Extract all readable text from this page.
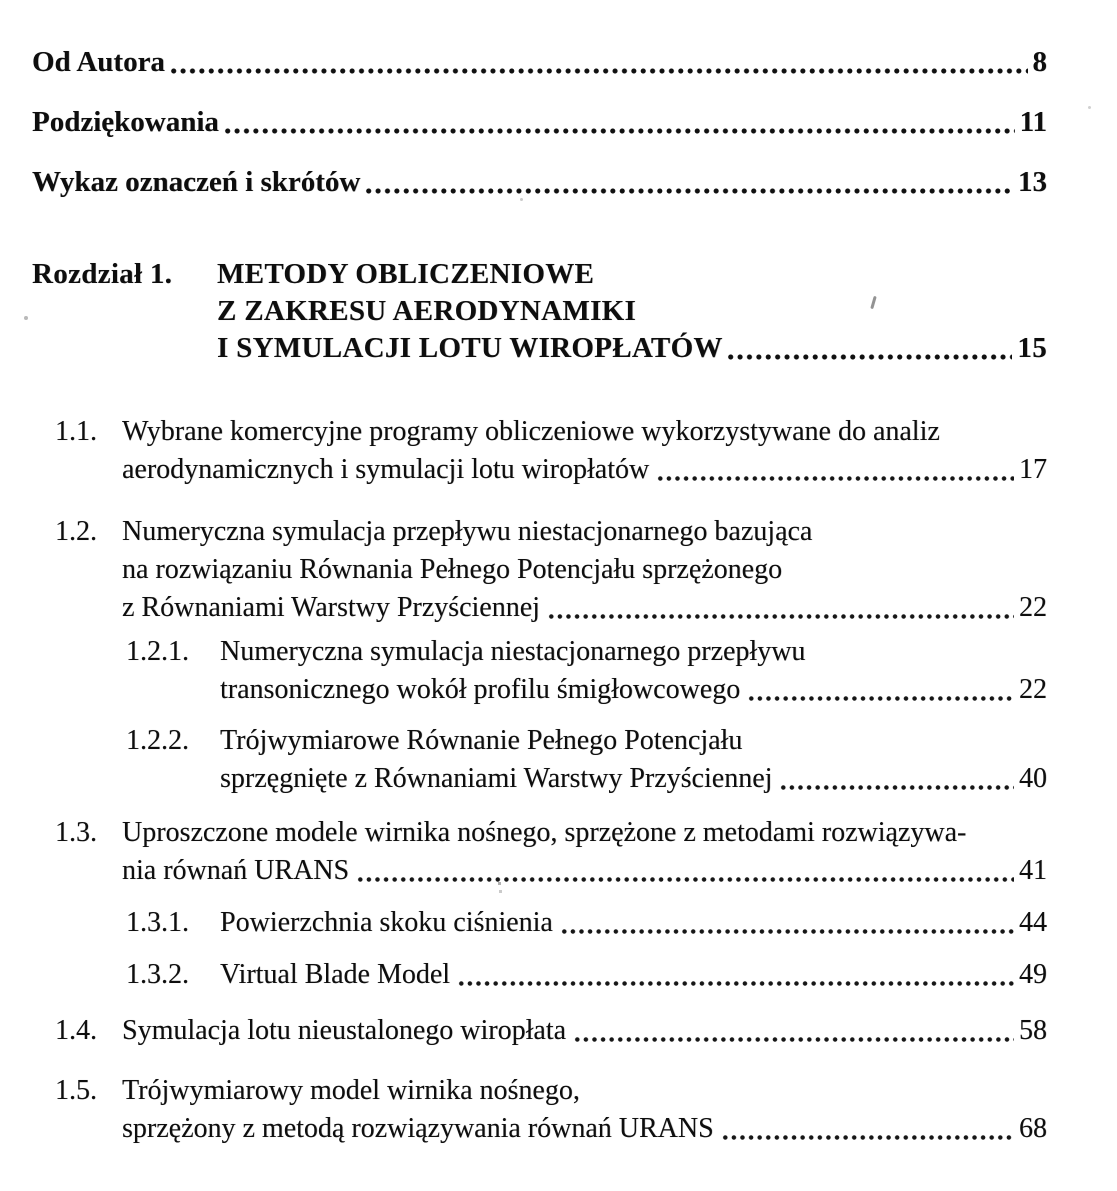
Od Autora	8
Podziękowania	11
Wykaz oznaczeń i skrótów	13
Rozdział 1.	METODY OBLICZENIOWE
Z ZAKRESU AERODYNAMIKI
I SYMULACJI LOTU WIROPŁATÓW	15
1.1. Wybrane komercyjne programy obliczeniowe wykorzystywane do analiz
aerodynamicznych i symulacji lotu wiropłatów	17
1.2. Numeryczna symulacja przepływu niestacjonarnego bazująca
na rozwiązaniu Równania Pełnego Potencjału sprzężonego
z Równaniami Warstwy Przyściennej	22
1.2.1.	Numeryczna symulacja niestacjonarnego przepływu
transonicznego wokół profilu śmigłowcowego	22
1.2.2.	Trójwymiarowe Równanie Pełnego Potencjału
sprzęgnięte z Równaniami Warstwy Przyściennej	40
1.3. Uproszczone modele wirnika nośnego, sprzężone z metodami rozwiązywa-
nia równań URANS	41
1.3.1.	Powierzchnia skoku ciśnienia	44
1.3.2.	Virtual Blade Model	49
1.4. Symulacja lotu nieustalonego wiropłata	58
1.5. Trójwymiarowy model wirnika nośnego,
sprzężony z metodą rozwiązywania równań URANS	68
